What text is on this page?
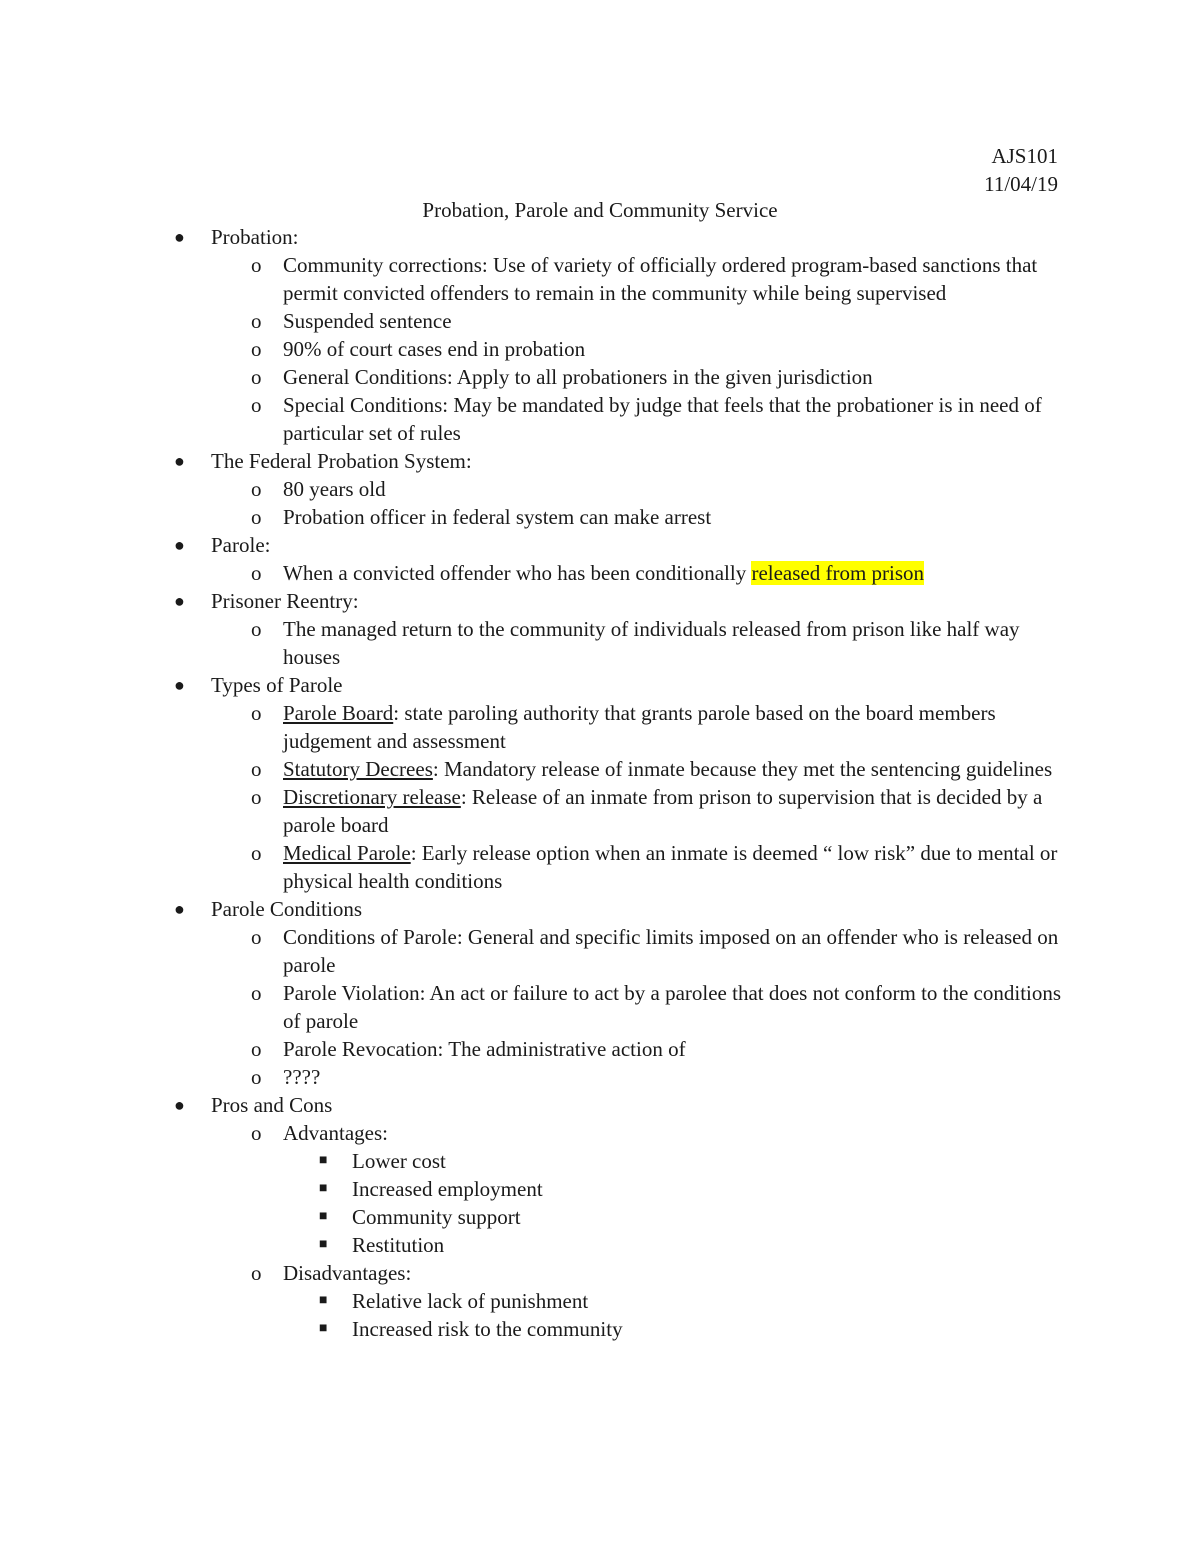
AJS101
11/04/19
Probation, Parole and Community Service
● Probation:
o Community corrections: Use of variety of officially ordered program-based sanctions that permit convicted offenders to remain in the community while being supervised
o Suspended sentence
o 90% of court cases end in probation
o General Conditions: Apply to all probationers in the given jurisdiction
o Special Conditions: May be mandated by judge that feels that the probationer is in need of particular set of rules
● The Federal Probation System:
o 80 years old
o Probation officer in federal system can make arrest
● Parole:
o When a convicted offender who has been conditionally released from prison
● Prisoner Reentry:
o The managed return to the community of individuals released from prison like half way houses
● Types of Parole
o Parole Board: state paroling authority that grants parole based on the board members judgement and assessment
o Statutory Decrees: Mandatory release of inmate because they met the sentencing guidelines
o Discretionary release: Release of an inmate from prison to supervision that is decided by a parole board
o Medical Parole: Early release option when an inmate is deemed “ low risk” due to mental or physical health conditions
● Parole Conditions
o Conditions of Parole: General and specific limits imposed on an offender who is released on parole
o Parole Violation: An act or failure to act by a parolee that does not conform to the conditions of parole
o Parole Revocation: The administrative action of
o ????
● Pros and Cons
o Advantages:
■ Lower cost
■ Increased employment
■ Community support
■ Restitution
o Disadvantages:
■ Relative lack of punishment
■ Increased risk to the community
